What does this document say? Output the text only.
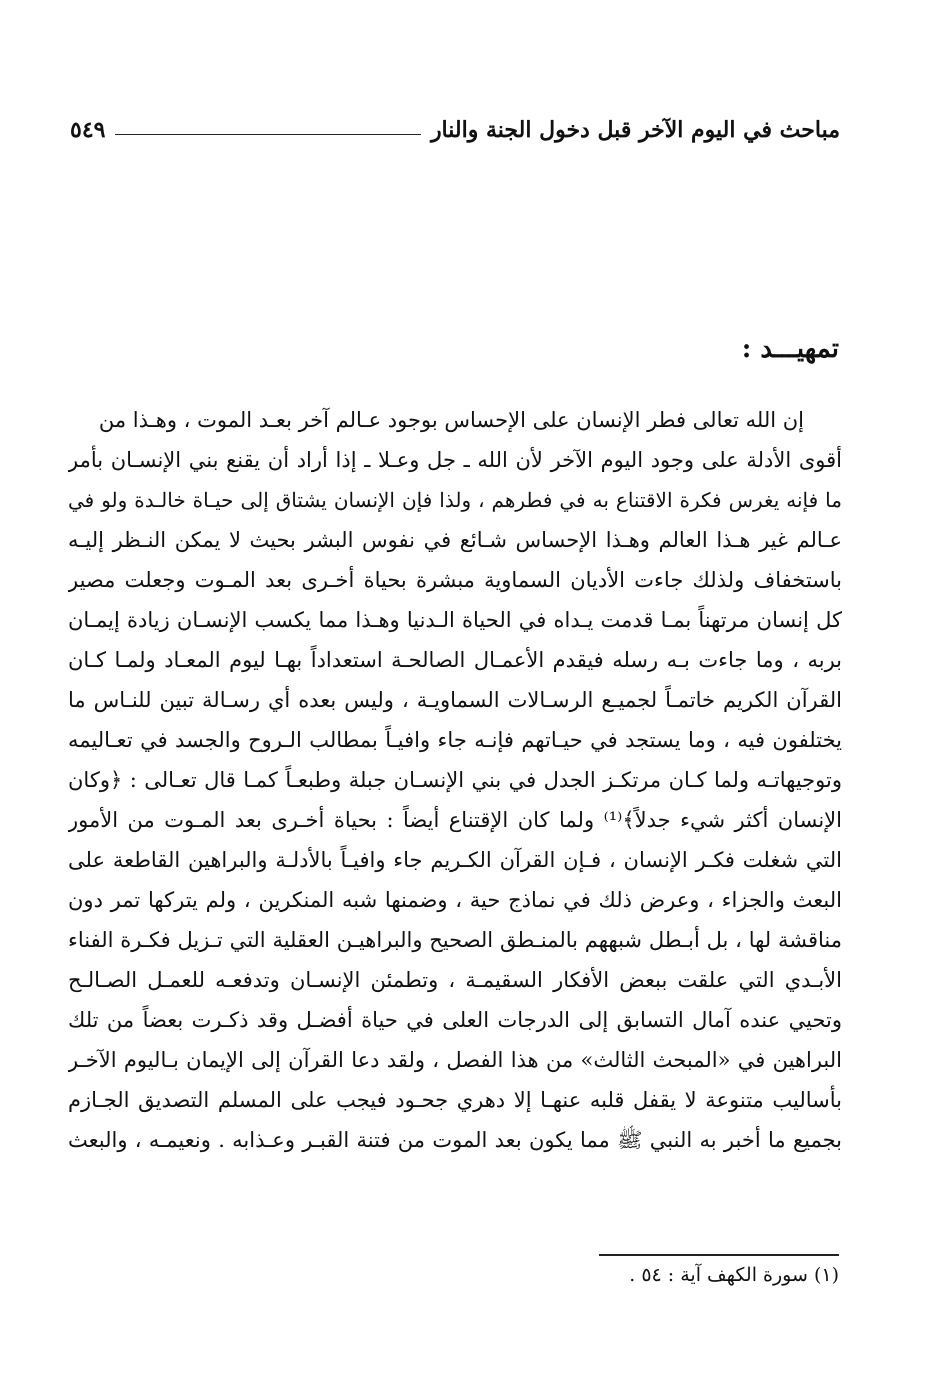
مباحث في اليوم الآخر قبل دخول الجنة والنار
٥٤٩
تمهيـــد :
إن الله تعالى فطر الإنسان على الإحساس بوجود عـالم آخر بعـد الموت ، وهـذا من
أقوى الأدلة على وجود اليوم الآخر لأن الله ـ جل وعـلا ـ إذا أراد أن يقنع بني الإنسـان بأمر
ما فإنه يغرس فكرة الاقتناع به في فطرهم ، ولذا فإن الإنسان يشتاق إلى حيـاة خالـدة ولو في
عـالم غير هـذا العالم وهـذا الإحساس شـائع في نفوس البشر بحيث لا يمكن النـظر إليـه
باستخفاف ولذلك جاءت الأديان السماوية مبشرة بحياة أخـرى بعد المـوت وجعلت مصير
كل إنسان مرتهناً بمـا قدمت يـداه في الحياة الـدنيا وهـذا مما يكسب الإنسـان زيادة إيمـان
بربه ، وما جاءت بـه رسله فيقدم الأعمـال الصالحـة استعداداً بهـا ليوم المعـاد ولمـا كـان
القرآن الكريم خاتمـاً لجميـع الرسـالات السماويـة ، وليس بعده أي رسـالة تبين للنـاس ما
يختلفون فيه ، وما يستجد في حيـاتهم فإنـه جاء وافيـاً بمطالب الـروح والجسد في تعـاليمه
وتوجيهاتـه ولما كـان مرتكـز الجدل في بني الإنسـان جبلة وطبعـاً كمـا قال تعـالى : ﴿وكان
الإنسان أكثر شيء جدلاً﴾⁽¹⁾ ولما كان الإقتناع أيضاً : بحياة أخـرى بعد المـوت من الأمور
التي شغلت فكـر الإنسان ، فـإن القرآن الكـريم جاء وافيـاً بالأدلـة والبراهين القاطعة على
البعث والجزاء ، وعرض ذلك في نماذج حية ، وضمنها شبه المنكرين ، ولم يتركها تمر دون
مناقشة لها ، بل أبـطل شبههم بالمنـطق الصحيح والبراهيـن العقلية التي تـزيل فكـرة الفناء
الأبـدي التي علقت ببعض الأفكار السقيمـة ، وتطمئن الإنسـان وتدفعـه للعمـل الصـالـح
وتحيي عنده آمال التسابق إلى الدرجات العلى في حياة أفضـل وقد ذكـرت بعضاً من تلك
البراهين في «المبحث الثالث» من هذا الفصل ، ولقد دعا القرآن إلى الإيمان بـاليوم الآخـر
بأساليب متنوعة لا يقفل قلبه عنهـا إلا دهري جحـود فيجب على المسلم التصديق الجـازم
بجميع ما أخبر به النبي ﷺ مما يكون بعد الموت من فتنة القبـر وعـذابه . ونعيمـه ، والبعث
(١) سورة الكهف آية : ٥٤ .
